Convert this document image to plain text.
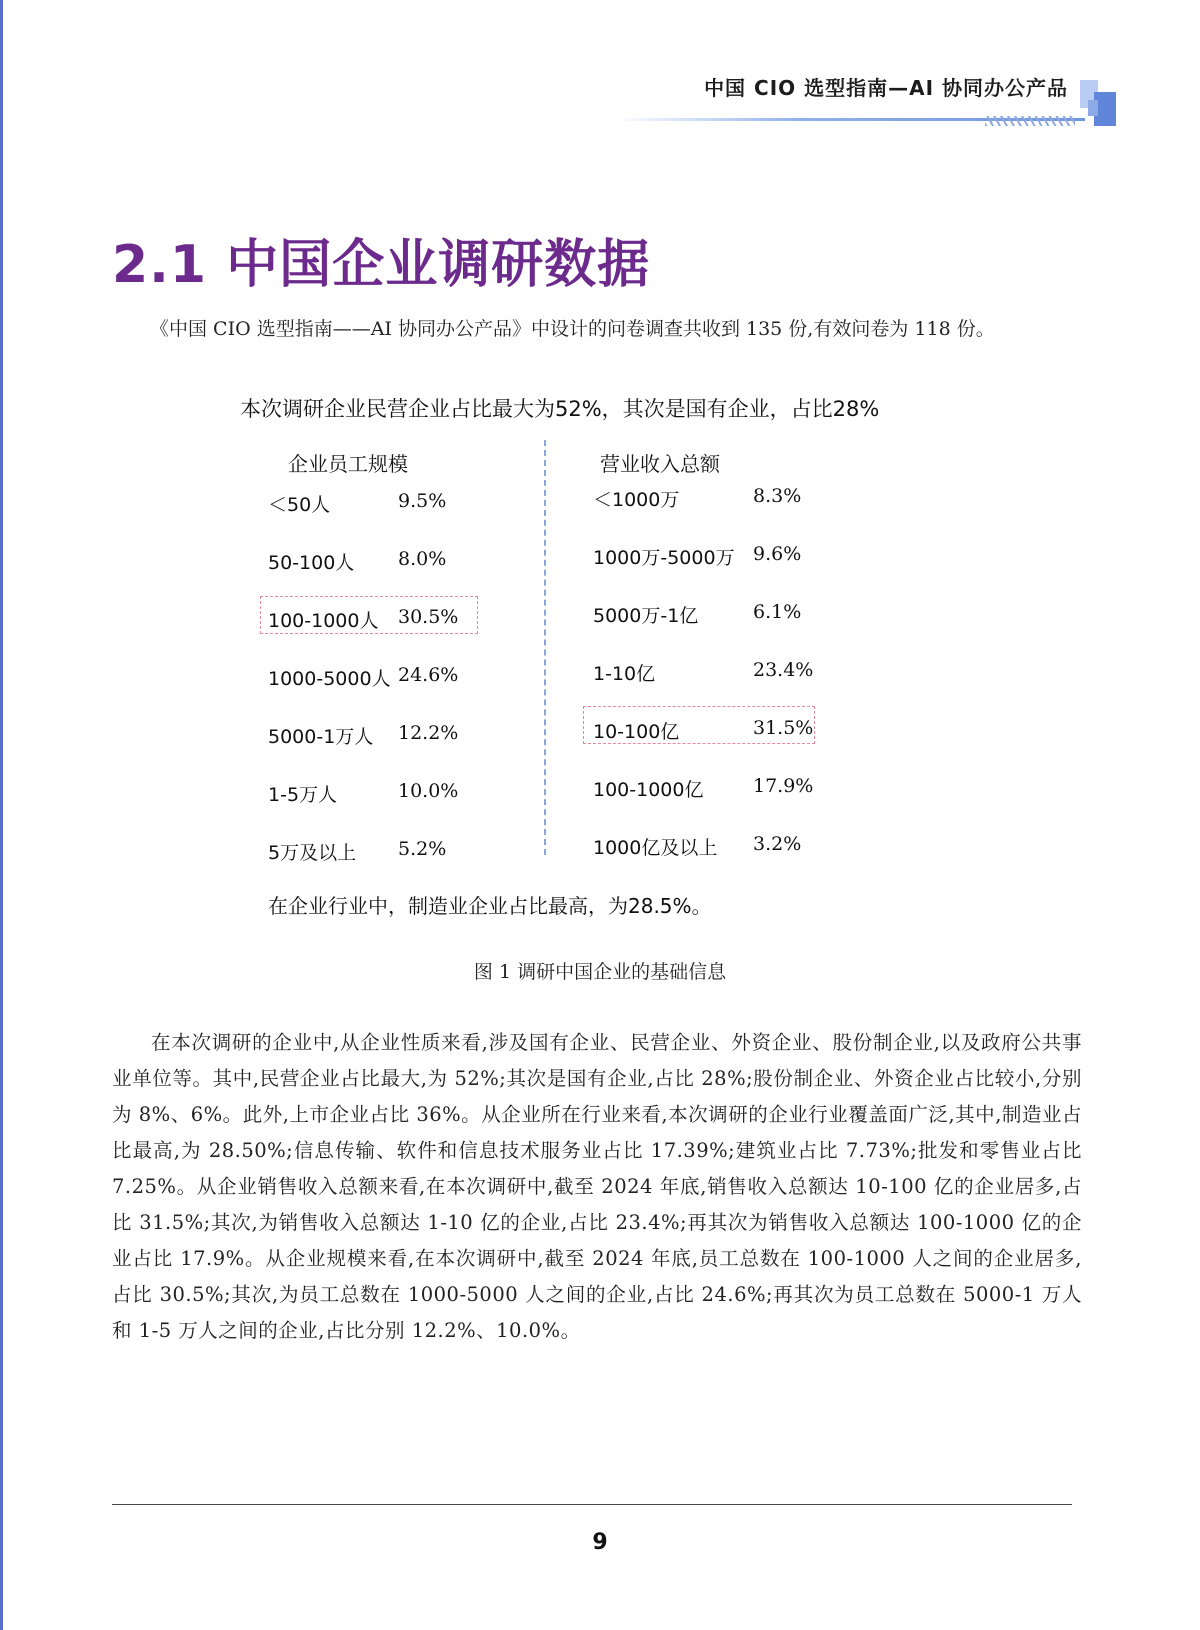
中国 CIO 选型指南—AI 协同办公产品
2.1 中国企业调研数据
《中国 CIO 选型指南——AI 协同办公产品》中设计的问卷调查共收到 135 份,有效问卷为 118 份。
本次调研企业民营企业占比最大为52%，其次是国有企业，占比28%
企业员工规模	营业收入总额
＜50人	9.5%
50-100人 8.0%
100-1000人 30.5%
1000-5000人 24.6%
5000-1万人 12.2%
1-5万人	10.0%
5万及以上 5.2%
＜1000万	8.3%
1000万-5000万 9.6%
5000万-1亿	6.1%
1-10亿	23.4%
10-100亿	31.5%
100-1000亿	17.9%
1000亿及以上 3.2%
在企业行业中，制造业企业占比最高，为28.5%。
图 1 调研中国企业的基础信息
在本次调研的企业中,从企业性质来看,涉及国有企业、民营企业、外资企业、股份制企业,以及政府公共事业单位等。其中,民营企业占比最大,为 52%;其次是国有企业,占比 28%;股份制企业、外资企业占比较小,分别为 8%、6%。此外,上市企业占比 36%。从企业所在行业来看,本次调研的企业行业覆盖面广泛,其中,制造业占比最高,为 28.50%;信息传输、软件和信息技术服务业占比 17.39%;建筑业占比 7.73%;批发和零售业占比 7.25%。从企业销售收入总额来看,在本次调研中,截至 2024 年底,销售收入总额达 10-100 亿的企业居多,占比 31.5%;其次,为销售收入总额达 1-10 亿的企业,占比 23.4%;再其次为销售收入总额达 100-1000 亿的企业占比 17.9%。从企业规模来看,在本次调研中,截至 2024 年底,员工总数在 100-1000 人之间的企业居多,占比 30.5%;其次,为员工总数在 1000-5000 人之间的企业,占比 24.6%;再其次为员工总数在 5000-1 万人和 1-5 万人之间的企业,占比分别 12.2%、10.0%。
9
